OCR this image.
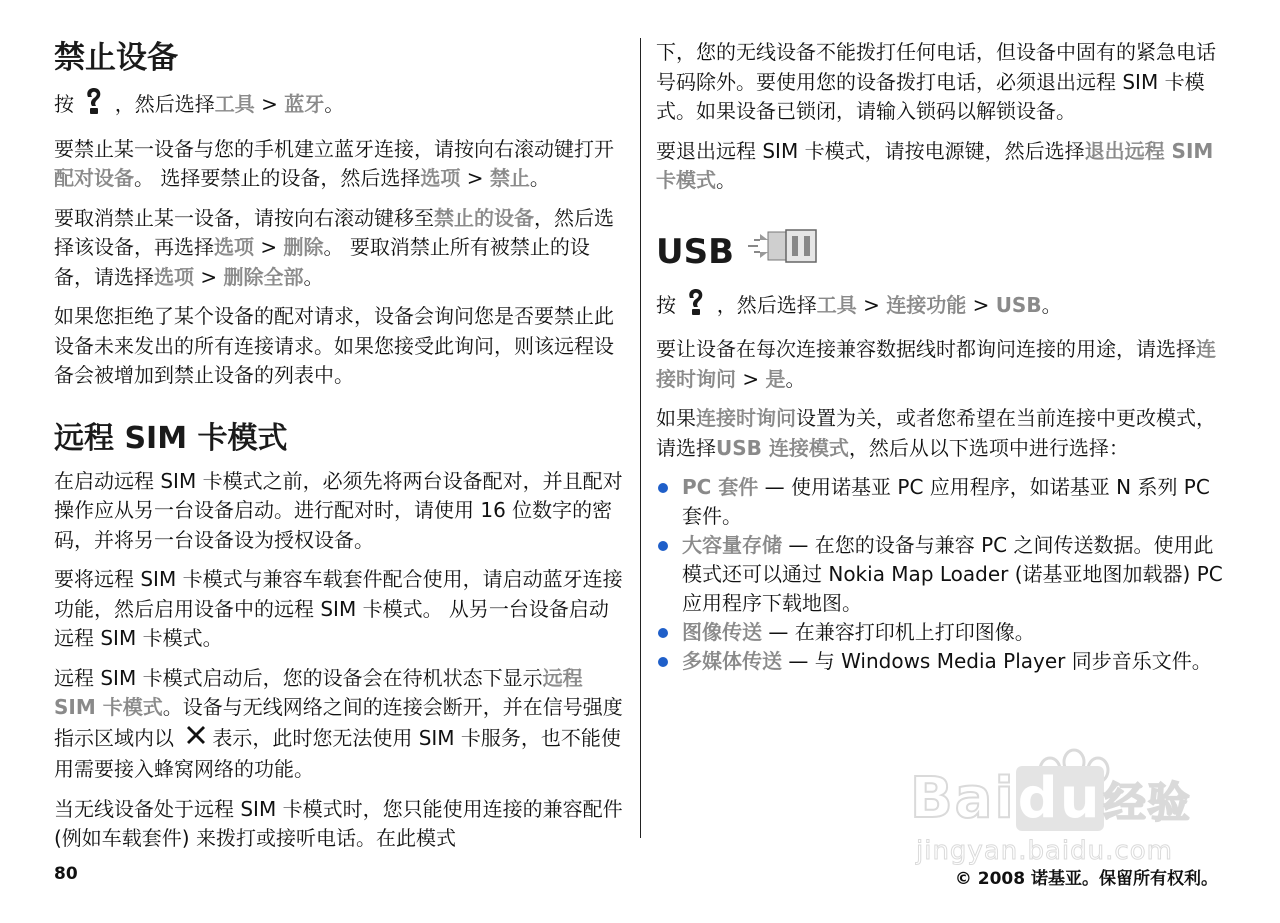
禁止设备

按 ，然后选择工具 > 蓝牙。

要禁止某一设备与您的手机建立蓝牙连接，请按向右滚动键打开配对设备。 选择要禁止的设备，然后选择选项 > 禁止。

要取消禁止某一设备，请按向右滚动键移至禁止的设备，然后选择该设备，再选择选项 > 删除。 要取消禁止所有被禁止的设备，请选择选项 > 删除全部。

如果您拒绝了某个设备的配对请求，设备会询问您是否要禁止此设备未来发出的所有连接请求。如果您接受此询问，则该远程设备会被增加到禁止设备的列表中。

远程 SIM 卡模式

在启动远程 SIM 卡模式之前，必须先将两台设备配对，并且配对操作应从另一台设备启动。进行配对时，请使用 16 位数字的密码，并将另一台设备设为授权设备。

要将远程 SIM 卡模式与兼容车载套件配合使用，请启动蓝牙连接功能，然后启用设备中的远程 SIM 卡模式。 从另一台设备启动远程 SIM 卡模式。

远程 SIM 卡模式启动后，您的设备会在待机状态下显示远程 SIM 卡模式。设备与无线网络之间的连接会断开，并在信号强度指示区域内以 表示，此时您无法使用 SIM 卡服务，也不能使用需要接入蜂窝网络的功能。

当无线设备处于远程 SIM 卡模式时，您只能使用连接的兼容配件 (例如车载套件) 来拨打或接听电话。在此模式

下，您的无线设备不能拨打任何电话，但设备中固有的紧急电话号码除外。要使用您的设备拨打电话，必须退出远程 SIM 卡模式。如果设备已锁闭，请输入锁码以解锁设备。

要退出远程 SIM 卡模式，请按电源键，然后选择退出远程 SIM 卡模式。

USB

按 ，然后选择工具 > 连接功能 > USB。

要让设备在每次连接兼容数据线时都询问连接的用途，请选择连接时询问 > 是。

如果连接时询问设置为关，或者您希望在当前连接中更改模式，请选择USB 连接模式，然后从以下选项中进行选择：

PC 套件 — 使用诺基亚 PC 应用程序，如诺基亚 N 系列 PC 套件。
大容量存储 — 在您的设备与兼容 PC 之间传送数据。使用此模式还可以通过 Nokia Map Loader (诺基亚地图加载器) PC 应用程序下载地图。
图像传送 — 在兼容打印机上打印图像。
多媒体传送 — 与 Windows Media Player 同步音乐文件。
Baidu经验
jingyan.baidu.com
80	© 2008 诺基亚。保留所有权利。
